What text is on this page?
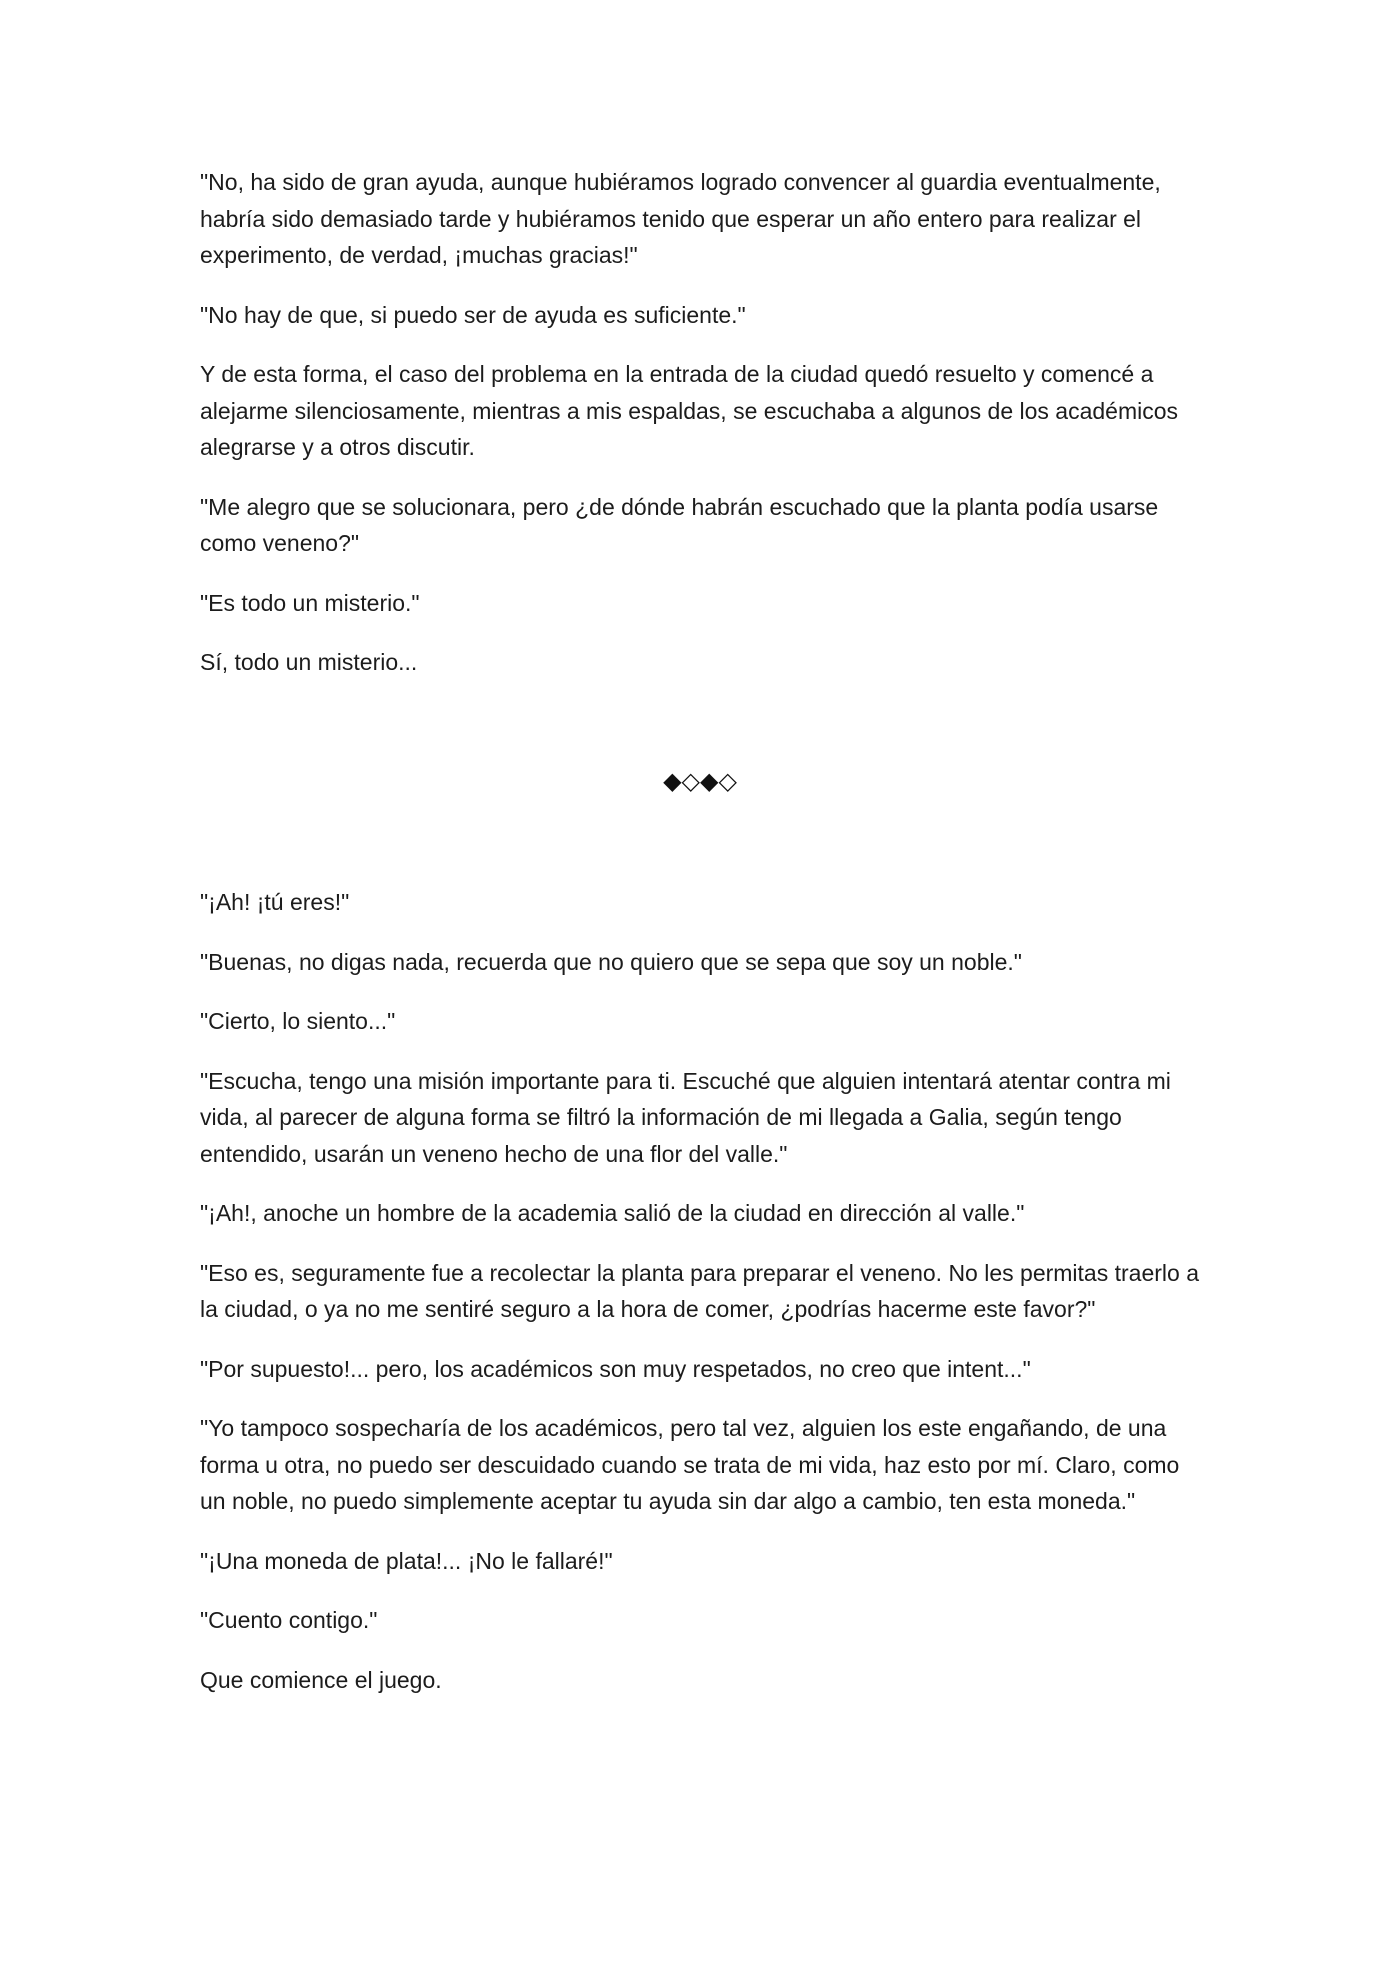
"No, ha sido de gran ayuda, aunque hubiéramos logrado convencer al guardia eventualmente, habría sido demasiado tarde y hubiéramos tenido que esperar un año entero para realizar el experimento, de verdad, ¡muchas gracias!"

"No hay de que, si puedo ser de ayuda es suficiente."

Y de esta forma, el caso del problema en la entrada de la ciudad quedó resuelto y comencé a alejarme silenciosamente, mientras a mis espaldas, se escuchaba a algunos de los académicos alegrarse y a otros discutir.

"Me alegro que se solucionara, pero ¿de dónde habrán escuchado que la planta podía usarse como veneno?"

"Es todo un misterio."

Sí, todo un misterio...

◆◇◆◇

"¡Ah! ¡tú eres!"

"Buenas, no digas nada, recuerda que no quiero que se sepa que soy un noble."

"Cierto, lo siento..."

"Escucha, tengo una misión importante para ti. Escuché que alguien intentará atentar contra mi vida, al parecer de alguna forma se filtró la información de mi llegada a Galia, según tengo entendido, usarán un veneno hecho de una flor del valle."

"¡Ah!, anoche un hombre de la academia salió de la ciudad en dirección al valle."

"Eso es, seguramente fue a recolectar la planta para preparar el veneno. No les permitas traerlo a la ciudad, o ya no me sentiré seguro a la hora de comer, ¿podrías hacerme este favor?"

"Por supuesto!... pero, los académicos son muy respetados, no creo que intent..."

"Yo tampoco sospecharía de los académicos, pero tal vez, alguien los este engañando, de una forma u otra, no puedo ser descuidado cuando se trata de mi vida, haz esto por mí. Claro, como un noble, no puedo simplemente aceptar tu ayuda sin dar algo a cambio, ten esta moneda."

"¡Una moneda de plata!... ¡No le fallaré!"

"Cuento contigo."

Que comience el juego.
